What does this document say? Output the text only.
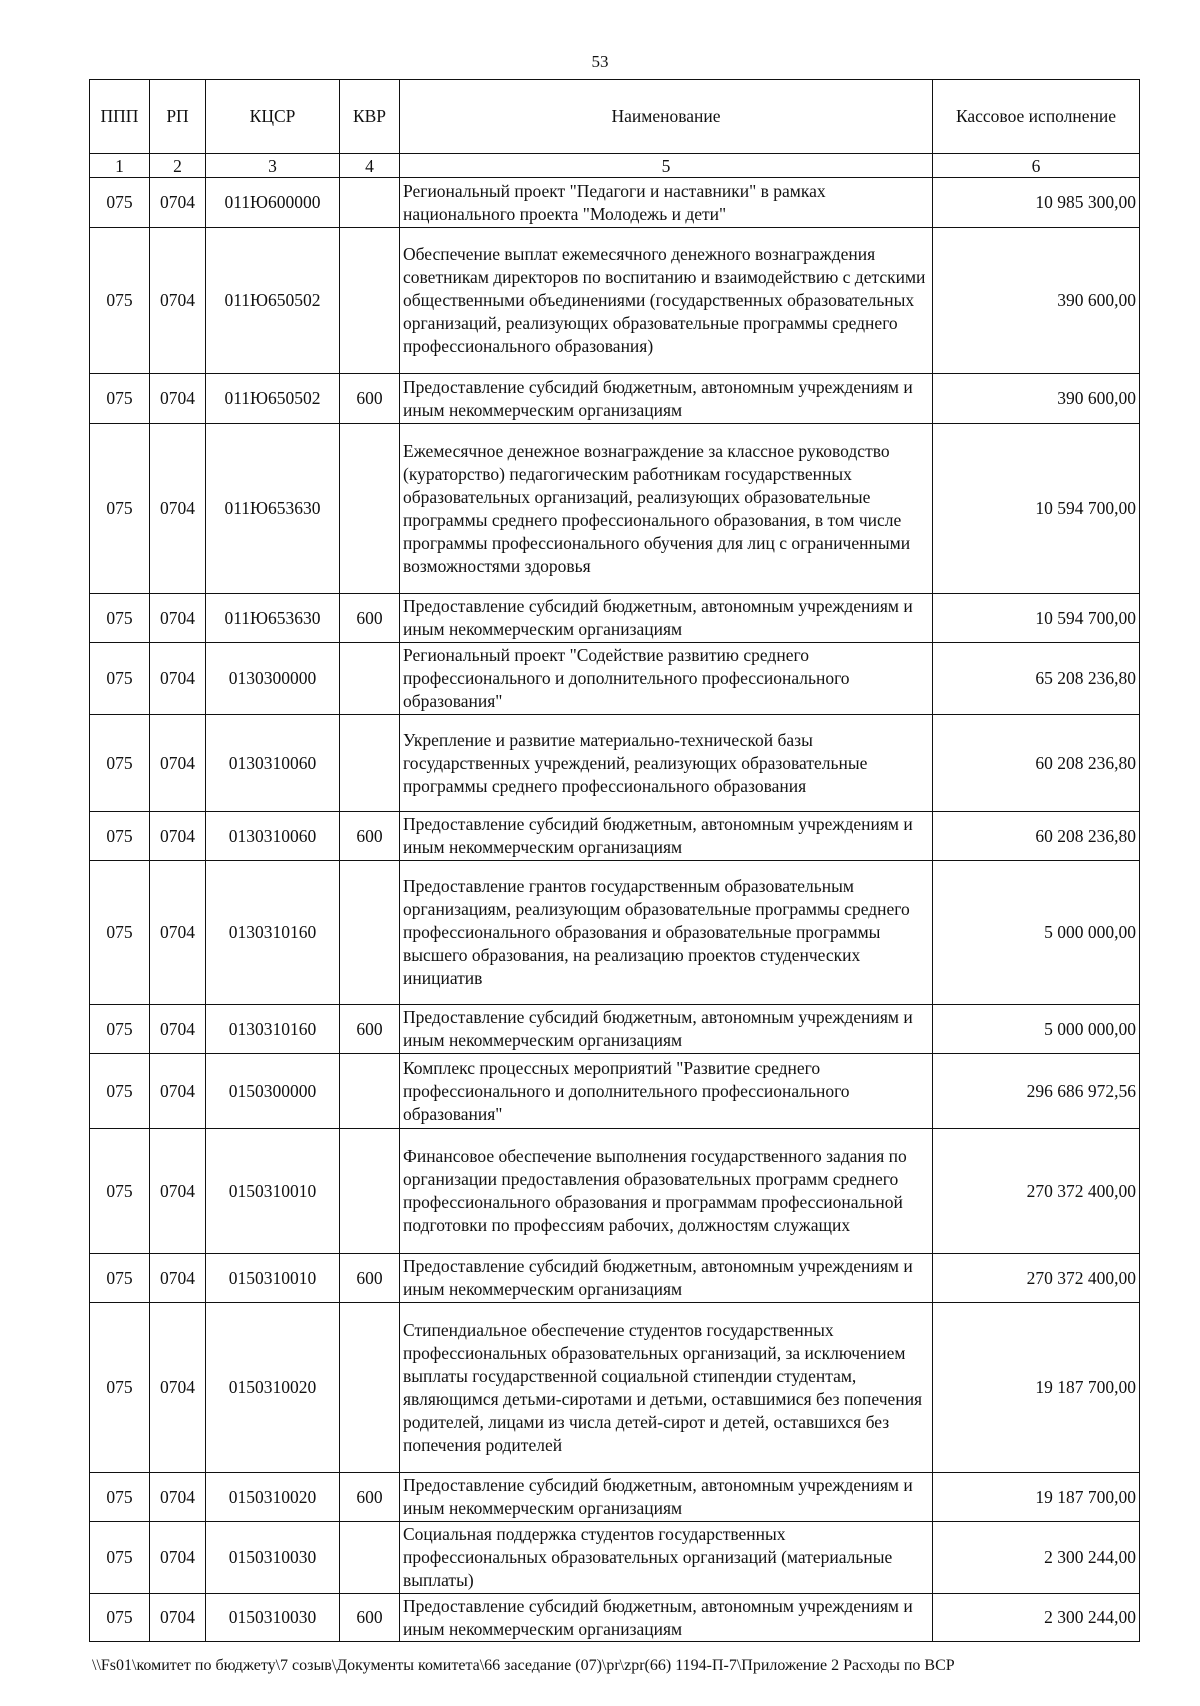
53
ППП	РП	КЦСР	КВР	Наименование	Кассовое исполнение
1	2	3	4	5	6
075	0704	011Ю600000		Региональный проект "Педагоги и наставники" в рамках национального проекта "Молодежь и дети"	10 985 300,00
075	0704	011Ю650502		Обеспечение выплат ежемесячного денежного вознаграждения советникам директоров по воспитанию и взаимодействию с детскими общественными объединениями (государственных образовательных организаций, реализующих образовательные программы среднего профессионального образования)	390 600,00
075	0704	011Ю650502	600	Предоставление субсидий бюджетным, автономным учреждениям и иным некоммерческим организациям	390 600,00
075	0704	011Ю653630		Ежемесячное денежное вознаграждение за классное руководство (кураторство) педагогическим работникам государственных образовательных организаций, реализующих образовательные программы среднего профессионального образования, в том числе программы профессионального обучения для лиц с ограниченными возможностями здоровья	10 594 700,00
075	0704	011Ю653630	600	Предоставление субсидий бюджетным, автономным учреждениям и иным некоммерческим организациям	10 594 700,00
075	0704	0130300000		Региональный проект "Содействие развитию среднего профессионального и дополнительного профессионального образования"	65 208 236,80
075	0704	0130310060		Укрепление и развитие материально-технической базы государственных учреждений, реализующих образовательные программы среднего профессионального образования	60 208 236,80
075	0704	0130310060	600	Предоставление субсидий бюджетным, автономным учреждениям и иным некоммерческим организациям	60 208 236,80
075	0704	0130310160		Предоставление грантов государственным образовательным организациям, реализующим образовательные программы среднего профессионального образования и образовательные программы высшего образования, на реализацию проектов студенческих инициатив	5 000 000,00
075	0704	0130310160	600	Предоставление субсидий бюджетным, автономным учреждениям и иным некоммерческим организациям	5 000 000,00
075	0704	0150300000		Комплекс процессных мероприятий "Развитие среднего профессионального и дополнительного профессионального образования"	296 686 972,56
075	0704	0150310010		Финансовое обеспечение выполнения государственного задания по организации предоставления образовательных программ среднего профессионального образования и программам профессиональной подготовки по профессиям рабочих, должностям служащих	270 372 400,00
075	0704	0150310010	600	Предоставление субсидий бюджетным, автономным учреждениям и иным некоммерческим организациям	270 372 400,00
075	0704	0150310020		Стипендиальное обеспечение студентов государственных профессиональных образовательных организаций, за исключением выплаты государственной социальной стипендии студентам, являющимся детьми-сиротами и детьми, оставшимися без попечения родителей, лицами из числа детей-сирот и детей, оставшихся без попечения родителей	19 187 700,00
075	0704	0150310020	600	Предоставление субсидий бюджетным, автономным учреждениям и иным некоммерческим организациям	19 187 700,00
075	0704	0150310030		Социальная поддержка студентов государственных профессиональных образовательных организаций (материальные выплаты)	2 300 244,00
075	0704	0150310030	600	Предоставление субсидий бюджетным, автономным учреждениям и иным некоммерческим организациям	2 300 244,00
\\Fs01\комитет по бюджету\7 созыв\Документы комитета\66 заседание (07)\pr\zpr(66) 1194-П-7\Приложение 2 Расходы по ВСР
